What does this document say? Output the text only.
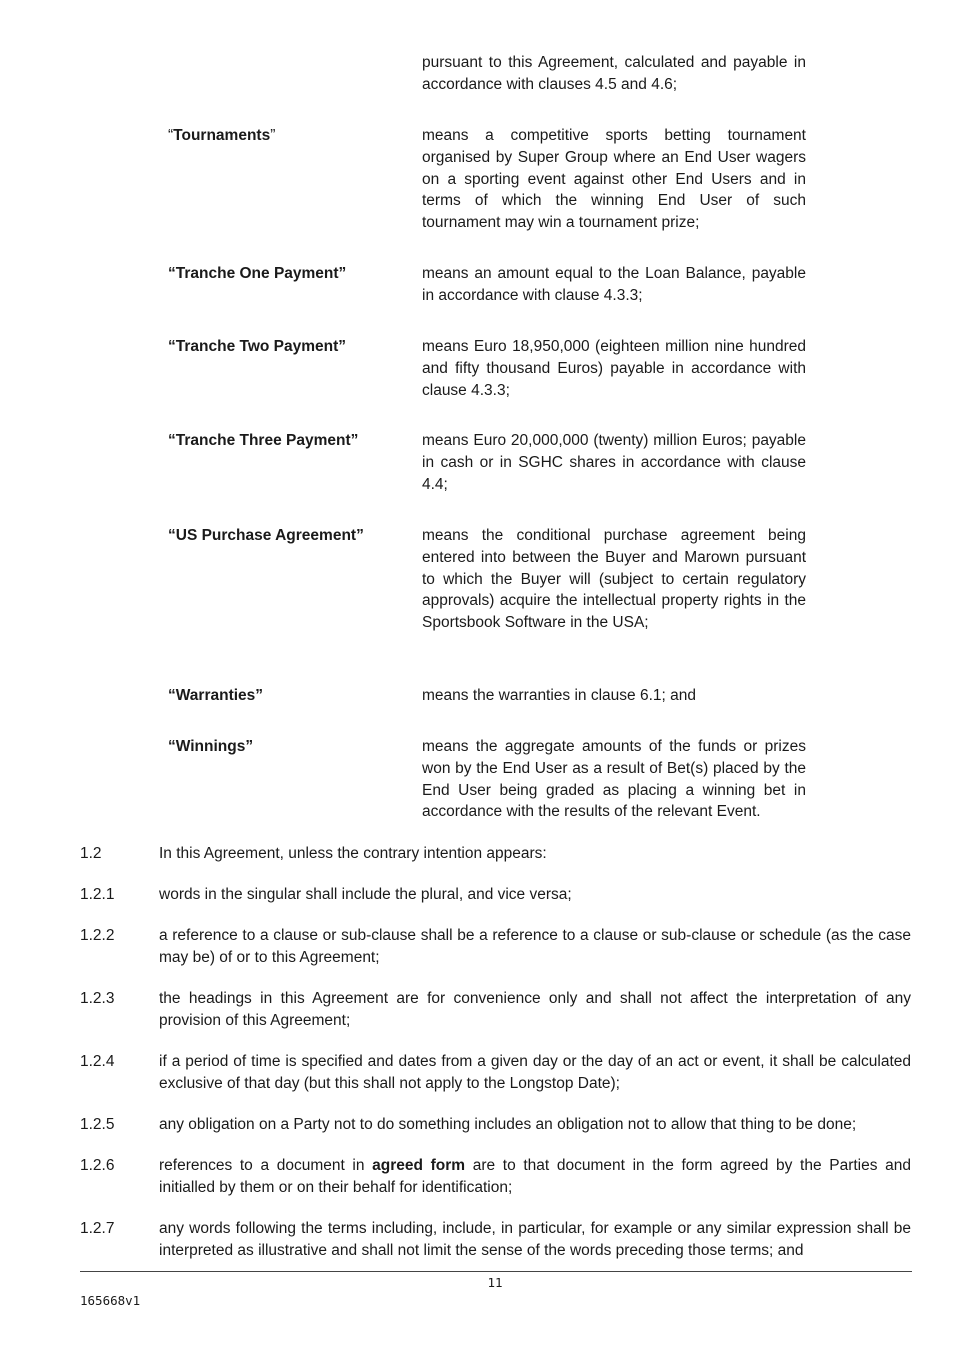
pursuant to this Agreement, calculated and payable in accordance with clauses 4.5 and 4.6;
“Tournaments”	means a competitive sports betting tournament organised by Super Group where an End User wagers on a sporting event against other End Users and in terms of which the winning End User of such tournament may win a tournament prize;
“Tranche One Payment”	means an amount equal to the Loan Balance, payable in accordance with clause 4.3.3;
“Tranche Two Payment”	means Euro 18,950,000 (eighteen million nine hundred and fifty thousand Euros) payable in accordance with clause 4.3.3;
“Tranche Three Payment”	means Euro 20,000,000 (twenty) million Euros; payable in cash or in SGHC shares in accordance with clause 4.4;
“US Purchase Agreement”	means the conditional purchase agreement being entered into between the Buyer and Marown pursuant to which the Buyer will (subject to certain regulatory approvals) acquire the intellectual property rights in the Sportsbook Software in the USA;
“Warranties”	means the warranties in clause 6.1; and
“Winnings”	means the aggregate amounts of the funds or prizes won by the End User as a result of Bet(s) placed by the End User being graded as placing a winning bet in accordance with the results of the relevant Event.
1.2	In this Agreement, unless the contrary intention appears:
1.2.1	words in the singular shall include the plural, and vice versa;
1.2.2	a reference to a clause or sub-clause shall be a reference to a clause or sub-clause or schedule (as the case may be) of or to this Agreement;
1.2.3	the headings in this Agreement are for convenience only and shall not affect the interpretation of any provision of this Agreement;
1.2.4	if a period of time is specified and dates from a given day or the day of an act or event, it shall be calculated exclusive of that day (but this shall not apply to the Longstop Date);
1.2.5	any obligation on a Party not to do something includes an obligation not to allow that thing to be done;
1.2.6	references to a document in agreed form are to that document in the form agreed by the Parties and initialled by them or on their behalf for identification;
1.2.7	any words following the terms including, include, in particular, for example or any similar expression shall be interpreted as illustrative and shall not limit the sense of the words preceding those terms; and
11
165668v1
